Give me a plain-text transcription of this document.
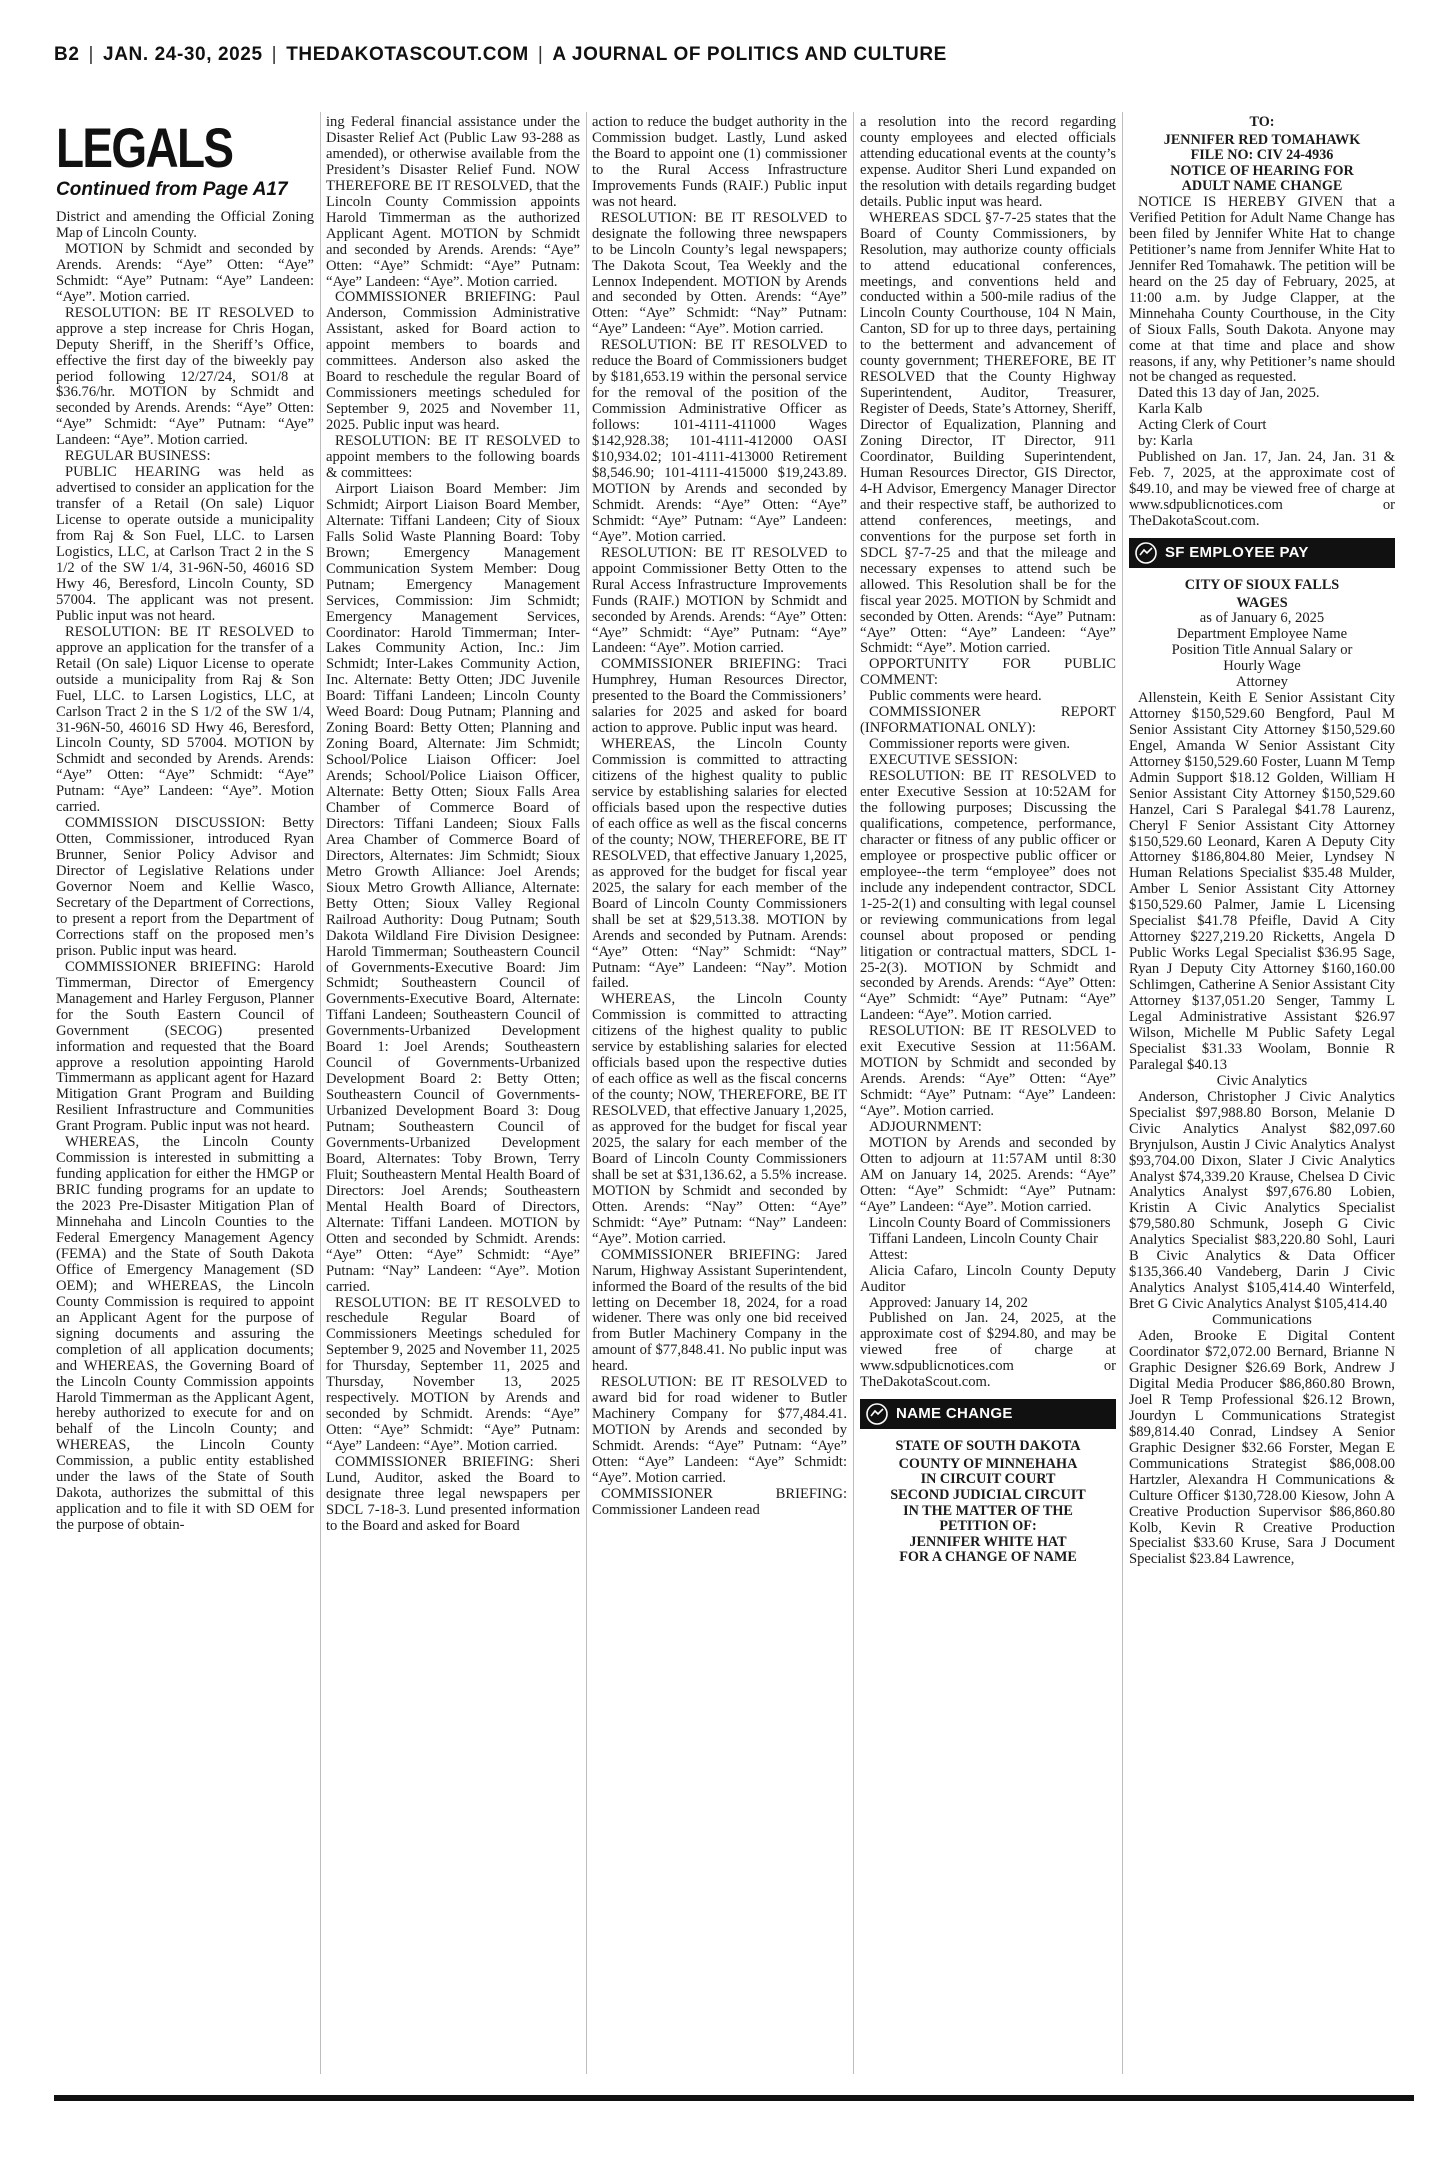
B2 | JAN. 24-30, 2025 | THEDAKOTASCOUT.COM | A JOURNAL OF POLITICS AND CULTURE
LEGALS
Continued from Page A17

District and amending the Official Zoning Map of Lincoln County.

MOTION by Schmidt and seconded by Arends. Arends: “Aye” Otten: “Aye” Schmidt: “Aye” Putnam: “Aye” Landeen: “Aye”. Motion carried.

RESOLUTION: BE IT RESOLVED to approve a step increase for Chris Hogan, Deputy Sheriff, in the Sheriff’s Office, effective the first day of the biweekly pay period following 12/27/24, SO1/8 at $36.76/hr. MOTION by Schmidt and seconded by Arends. Arends: “Aye” Otten: “Aye” Schmidt: “Aye” Putnam: “Aye” Landeen: “Aye”. Motion carried.

REGULAR BUSINESS:

PUBLIC HEARING was held as advertised to consider an application for the transfer of a Retail (On sale) Liquor License to operate outside a municipality from Raj & Son Fuel, LLC. to Larsen Logistics, LLC, at Carlson Tract 2 in the S 1/2 of the SW 1/4, 31-96N-50, 46016 SD Hwy 46, Beresford, Lincoln County, SD 57004. The applicant was not present. Public input was not heard.

RESOLUTION: BE IT RESOLVED to approve an application for the transfer of a Retail (On sale) Liquor License to operate outside a municipality from Raj & Son Fuel, LLC. to Larsen Logistics, LLC, at Carlson Tract 2 in the S 1/2 of the SW 1/4, 31-96N-50, 46016 SD Hwy 46, Beresford, Lincoln County, SD 57004. MOTION by Schmidt and seconded by Arends. Arends: “Aye” Otten: “Aye” Schmidt: “Aye” Putnam: “Aye” Landeen: “Aye”. Motion carried.

COMMISSION DISCUSSION: Betty Otten, Commissioner, introduced Ryan Brunner, Senior Policy Advisor and Director of Legislative Relations under Governor Noem and Kellie Wasco, Secretary of the Department of Corrections, to present a report from the Department of Corrections staff on the proposed men’s prison. Public input was heard.

COMMISSIONER BRIEFING: Harold Timmerman, Director of Emergency Management and Harley Ferguson, Planner for the South Eastern Council of Government (SECOG) presented information and requested that the Board approve a resolution appointing Harold Timmermann as applicant agent for Hazard Mitigation Grant Program and Building Resilient Infrastructure and Communities Grant Program. Public input was not heard.

WHEREAS, the Lincoln County Commission is interested in submitting a funding application for either the HMGP or BRIC funding programs for an update to the 2023 Pre-Disaster Mitigation Plan of Minnehaha and Lincoln Counties to the Federal Emergency Management Agency (FEMA) and the State of South Dakota Office of Emergency Management (SD OEM); and WHEREAS, the Lincoln County Commission is required to appoint an Applicant Agent for the purpose of signing documents and assuring the completion of all application documents; and WHEREAS, the Governing Board of the Lincoln County Commission appoints Harold Timmerman as the Applicant Agent, hereby authorized to execute for and on behalf of the Lincoln County; and WHEREAS, the Lincoln County Commission, a public entity established under the laws of the State of South Dakota, authorizes the submittal of this application and to file it with SD OEM for the purpose of obtain-

ing Federal financial assistance under the Disaster Relief Act (Public Law 93-288 as amended), or otherwise available from the President’s Disaster Relief Fund. NOW THEREFORE BE IT RESOLVED, that the Lincoln County Commission appoints Harold Timmerman as the authorized Applicant Agent. MOTION by Schmidt and seconded by Arends. Arends: “Aye” Otten: “Aye” Schmidt: “Aye” Putnam: “Aye” Landeen: “Aye”. Motion carried.

COMMISSIONER BRIEFING: Paul Anderson, Commission Administrative Assistant, asked for Board action to appoint members to boards and committees. Anderson also asked the Board to reschedule the regular Board of Commissioners meetings scheduled for September 9, 2025 and November 11, 2025. Public input was heard.

RESOLUTION: BE IT RESOLVED to appoint members to the following boards & committees:

Airport Liaison Board Member: Jim Schmidt; Airport Liaison Board Member, Alternate: Tiffani Landeen; City of Sioux Falls Solid Waste Planning Board: Toby Brown; Emergency Management Communication System Member: Doug Putnam; Emergency Management Services, Commission: Jim Schmidt; Emergency Management Services, Coordinator: Harold Timmerman; Inter-Lakes Community Action, Inc.: Jim Schmidt; Inter-Lakes Community Action, Inc. Alternate: Betty Otten; JDC Juvenile Board: Tiffani Landeen; Lincoln County Weed Board: Doug Putnam; Planning and Zoning Board: Betty Otten; Planning and Zoning Board, Alternate: Jim Schmidt; School/Police Liaison Officer: Joel Arends; School/Police Liaison Officer, Alternate: Betty Otten; Sioux Falls Area Chamber of Commerce Board of Directors: Tiffani Landeen; Sioux Falls Area Chamber of Commerce Board of Directors, Alternates: Jim Schmidt; Sioux Metro Growth Alliance: Joel Arends; Sioux Metro Growth Alliance, Alternate: Betty Otten; Sioux Valley Regional Railroad Authority: Doug Putnam; South Dakota Wildland Fire Division Designee: Harold Timmerman; Southeastern Council of Governments-Executive Board: Jim Schmidt; Southeastern Council of Governments-Executive Board, Alternate: Tiffani Landeen; Southeastern Council of Governments-Urbanized Development Board 1: Joel Arends; Southeastern Council of Governments-Urbanized Development Board 2: Betty Otten; Southeastern Council of Governments-Urbanized Development Board 3: Doug Putnam; Southeastern Council of Governments-Urbanized Development Board, Alternates: Toby Brown, Terry Fluit; Southeastern Mental Health Board of Directors: Joel Arends; Southeastern Mental Health Board of Directors, Alternate: Tiffani Landeen. MOTION by Otten and seconded by Schmidt. Arends: “Aye” Otten: “Aye” Schmidt: “Aye” Putnam: “Nay” Landeen: “Aye”. Motion carried.

RESOLUTION: BE IT RESOLVED to reschedule Regular Board of Commissioners Meetings scheduled for September 9, 2025 and November 11, 2025 for Thursday, September 11, 2025 and Thursday, November 13, 2025 respectively. MOTION by Arends and seconded by Schmidt. Arends: “Aye” Otten: “Aye” Schmidt: “Aye” Putnam: “Aye” Landeen: “Aye”. Motion carried.

COMMISSIONER BRIEFING: Sheri Lund, Auditor, asked the Board to designate three legal newspapers per SDCL 7-18-3. Lund presented information to the Board and asked for Board

action to reduce the budget authority in the Commission budget. Lastly, Lund asked the Board to appoint one (1) commissioner to the Rural Access Infrastructure Improvements Funds (RAIF.) Public input was not heard.

RESOLUTION: BE IT RESOLVED to designate the following three newspapers to be Lincoln County’s legal newspapers; The Dakota Scout, Tea Weekly and the Lennox Independent. MOTION by Arends and seconded by Otten. Arends: “Aye” Otten: “Aye” Schmidt: “Nay” Putnam: “Aye” Landeen: “Aye”. Motion carried.

RESOLUTION: BE IT RESOLVED to reduce the Board of Commissioners budget by $181,653.19 within the personal service for the removal of the position of the Commission Administrative Officer as follows: 101-4111-411000 Wages $142,928.38; 101-4111-412000 OASI $10,934.02; 101-4111-413000 Retirement $8,546.90; 101-4111-415000 $19,243.89. MOTION by Arends and seconded by Schmidt. Arends: “Aye” Otten: “Aye” Schmidt: “Aye” Putnam: “Aye” Landeen: “Aye”. Motion carried.

RESOLUTION: BE IT RESOLVED to appoint Commissioner Betty Otten to the Rural Access Infrastructure Improvements Funds (RAIF.) MOTION by Schmidt and seconded by Arends. Arends: “Aye” Otten: “Aye” Schmidt: “Aye” Putnam: “Aye” Landeen: “Aye”. Motion carried.

COMMISSIONER BRIEFING: Traci Humphrey, Human Resources Director, presented to the Board the Commissioners’ salaries for 2025 and asked for board action to approve. Public input was heard.

WHEREAS, the Lincoln County Commission is committed to attracting citizens of the highest quality to public service by establishing salaries for elected officials based upon the respective duties of each office as well as the fiscal concerns of the county; NOW, THEREFORE, BE IT RESOLVED, that effective January 1,2025, as approved for the budget for fiscal year 2025, the salary for each member of the Board of Lincoln County Commissioners shall be set at $29,513.38. MOTION by Arends and seconded by Putnam. Arends: “Aye” Otten: “Nay” Schmidt: “Nay” Putnam: “Aye” Landeen: “Nay”. Motion failed.

WHEREAS, the Lincoln County Commission is committed to attracting citizens of the highest quality to public service by establishing salaries for elected officials based upon the respective duties of each office as well as the fiscal concerns of the county; NOW, THEREFORE, BE IT RESOLVED, that effective January 1,2025, as approved for the budget for fiscal year 2025, the salary for each member of the Board of Lincoln County Commissioners shall be set at $31,136.62, a 5.5% increase. MOTION by Schmidt and seconded by Otten. Arends: “Nay” Otten: “Aye” Schmidt: “Aye” Putnam: “Nay” Landeen: “Aye”. Motion carried.

COMMISSIONER BRIEFING: Jared Narum, Highway Assistant Superintendent, informed the Board of the results of the bid letting on December 18, 2024, for a road widener. There was only one bid received from Butler Machinery Company in the amount of $77,848.41. No public input was heard.

RESOLUTION: BE IT RESOLVED to award bid for road widener to Butler Machinery Company for $77,484.41. MOTION by Arends and seconded by Schmidt. Arends: “Aye” Putnam: “Aye” Otten: “Aye” Landeen: “Aye” Schmidt: “Aye”. Motion carried.

COMMISSIONER BRIEFING: Commissioner Landeen read

a resolution into the record regarding county employees and elected officials attending educational events at the county’s expense. Auditor Sheri Lund expanded on the resolution with details regarding budget details. Public input was heard.

WHEREAS SDCL §7-7-25 states that the Board of County Commissioners, by Resolution, may authorize county officials to attend educational conferences, meetings, and conventions held and conducted within a 500-mile radius of the Lincoln County Courthouse, 104 N Main, Canton, SD for up to three days, pertaining to the betterment and advancement of county government; THEREFORE, BE IT RESOLVED that the County Highway Superintendent, Auditor, Treasurer, Register of Deeds, State’s Attorney, Sheriff, Director of Equalization, Planning and Zoning Director, IT Director, 911 Coordinator, Building Superintendent, Human Resources Director, GIS Director, 4-H Advisor, Emergency Manager Director and their respective staff, be authorized to attend conferences, meetings, and conventions for the purpose set forth in SDCL §7-7-25 and that the mileage and necessary expenses to attend such be allowed. This Resolution shall be for the fiscal year 2025. MOTION by Schmidt and seconded by Otten. Arends: “Aye” Putnam: “Aye” Otten: “Aye” Landeen: “Aye” Schmidt: “Aye”. Motion carried.

OPPORTUNITY FOR PUBLIC COMMENT:

Public comments were heard.

COMMISSIONER REPORT (INFORMATIONAL ONLY):

Commissioner reports were given.

EXECUTIVE SESSION:

RESOLUTION: BE IT RESOLVED to enter Executive Session at 10:52AM for the following purposes; Discussing the qualifications, competence, performance, character or fitness of any public officer or employee or prospective public officer or employee--the term “employee” does not include any independent contractor, SDCL 1-25-2(1) and consulting with legal counsel or reviewing communications from legal counsel about proposed or pending litigation or contractual matters, SDCL 1-25-2(3). MOTION by Schmidt and seconded by Arends. Arends: “Aye” Otten: “Aye” Schmidt: “Aye” Putnam: “Aye” Landeen: “Aye”. Motion carried.

RESOLUTION: BE IT RESOLVED to exit Executive Session at 11:56AM. MOTION by Schmidt and seconded by Arends. Arends: “Aye” Otten: “Aye” Schmidt: “Aye” Putnam: “Aye” Landeen: “Aye”. Motion carried.

ADJOURNMENT:

MOTION by Arends and seconded by Otten to adjourn at 11:57AM until 8:30 AM on January 14, 2025. Arends: “Aye” Otten: “Aye” Schmidt: “Aye” Putnam: “Aye” Landeen: “Aye”. Motion carried.

Lincoln County Board of Commissioners

Tiffani Landeen, Lincoln County Chair

Attest:

Alicia Cafaro, Lincoln County Deputy Auditor

Approved: January 14, 202

Published on Jan. 24, 2025, at the approximate cost of $294.80, and may be viewed free of charge at www.sdpublicnotices.com or TheDakotaScout.com.

NAME CHANGE
STATE OF SOUTH DAKOTA
COUNTY OF MINNEHAHA
IN CIRCUIT COURT
SECOND JUDICIAL CIRCUIT
IN THE MATTER OF THE
PETITION OF:
JENNIFER WHITE HAT
FOR A CHANGE OF NAME
TO:
JENNIFER RED TOMAHAWK
FILE NO: CIV 24-4936
NOTICE OF HEARING FOR
ADULT NAME CHANGE

NOTICE IS HEREBY GIVEN that a Verified Petition for Adult Name Change has been filed by Jennifer White Hat to change Petitioner’s name from Jennifer White Hat to Jennifer Red Tomahawk. The petition will be heard on the 25 day of February, 2025, at 11:00 a.m. by Judge Clapper, at the Minnehaha County Courthouse, in the City of Sioux Falls, South Dakota. Anyone may come at that time and place and show reasons, if any, why Petitioner’s name should not be changed as requested.

Dated this 13 day of Jan, 2025.

Karla Kalb

Acting Clerk of Court

by: Karla

Published on Jan. 17, Jan. 24, Jan. 31 & Feb. 7, 2025, at the approximate cost of $49.10, and may be viewed free of charge at www.sdpublicnotices.com or TheDakotaScout.com.

SF EMPLOYEE PAY
CITY OF SIOUX FALLS
WAGES

as of January 6, 2025

Department Employee Name

Position Title Annual Salary or

Hourly Wage

Attorney

Allenstein, Keith E Senior Assistant City Attorney $150,529.60 Bengford, Paul M Senior Assistant City Attorney $150,529.60 Engel, Amanda W Senior Assistant City Attorney $150,529.60 Foster, Luann M Temp Admin Support $18.12 Golden, William H Senior Assistant City Attorney $150,529.60 Hanzel, Cari S Paralegal $41.78 Laurenz, Cheryl F Senior Assistant City Attorney $150,529.60 Leonard, Karen A Deputy City Attorney $186,804.80 Meier, Lyndsey N Human Relations Specialist $35.48 Mulder, Amber L Senior Assistant City Attorney $150,529.60 Palmer, Jamie L Licensing Specialist $41.78 Pfeifle, David A City Attorney $227,219.20 Ricketts, Angela D Public Works Legal Specialist $36.95 Sage, Ryan J Deputy City Attorney $160,160.00 Schlimgen, Catherine A Senior Assistant City Attorney $137,051.20 Senger, Tammy L Legal Administrative Assistant $26.97 Wilson, Michelle M Public Safety Legal Specialist $31.33 Woolam, Bonnie R Paralegal $40.13

Civic Analytics

Anderson, Christopher J Civic Analytics Specialist $97,988.80 Borson, Melanie D Civic Analytics Analyst $82,097.60 Brynjulson, Austin J Civic Analytics Analyst $93,704.00 Dixon, Slater J Civic Analytics Analyst $74,339.20 Krause, Chelsea D Civic Analytics Analyst $97,676.80 Lobien, Kristin A Civic Analytics Specialist $79,580.80 Schmunk, Joseph G Civic Analytics Specialist $83,220.80 Sohl, Lauri B Civic Analytics & Data Officer $135,366.40 Vandeberg, Darin J Civic Analytics Analyst $105,414.40 Winterfeld, Bret G Civic Analytics Analyst $105,414.40

Communications

Aden, Brooke E Digital Content Coordinator $72,072.00 Bernard, Brianne N Graphic Designer $26.69 Bork, Andrew J Digital Media Producer $86,860.80 Brown, Joel R Temp Professional $26.12 Brown, Jourdyn L Communications Strategist $89,814.40 Conrad, Lindsey A Senior Graphic Designer $32.66 Forster, Megan E Communications Strategist $86,008.00 Hartzler, Alexandra H Communications & Culture Officer $130,728.00 Kiesow, John A Creative Production Supervisor $86,860.80 Kolb, Kevin R Creative Production Specialist $33.60 Kruse, Sara J Document Specialist $23.84 Lawrence,
